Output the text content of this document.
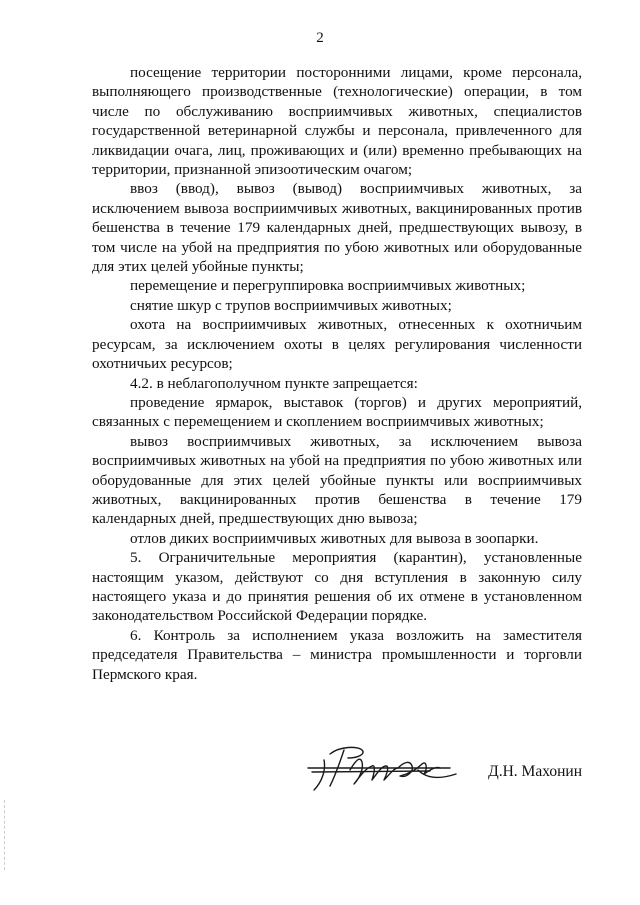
2

посещение территории посторонними лицами, кроме персонала, выполняющего производственные (технологические) операции, в том числе по обслуживанию восприимчивых животных, специалистов государственной ветеринарной службы и персонала, привлеченного для ликвидации очага, лиц, проживающих и (или) временно пребывающих на территории, признанной эпизоотическим очагом;

ввоз (ввод), вывоз (вывод) восприимчивых животных, за исключением вывоза восприимчивых животных, вакцинированных против бешенства в течение 179 календарных дней, предшествующих вывозу, в том числе на убой на предприятия по убою животных или оборудованные для этих целей убойные пункты;

перемещение и перегруппировка восприимчивых животных;

снятие шкур с трупов восприимчивых животных;

охота на восприимчивых животных, отнесенных к охотничьим ресурсам, за исключением охоты в целях регулирования численности охотничьих ресурсов;

4.2. в неблагополучном пункте запрещается:

проведение ярмарок, выставок (торгов) и других мероприятий, связанных с перемещением и скоплением восприимчивых животных;

вывоз восприимчивых животных, за исключением вывоза восприимчивых животных на убой на предприятия по убою животных или оборудованные для этих целей убойные пункты или восприимчивых животных, вакцинированных против бешенства в течение 179 календарных дней, предшествующих дню вывоза;

отлов диких восприимчивых животных для вывоза в зоопарки.

5. Ограничительные мероприятия (карантин), установленные настоящим указом, действуют со дня вступления в законную силу настоящего указа и до принятия решения об их отмене в установленном законодательством Российской Федерации порядке.

6. Контроль за исполнением указа возложить на заместителя председателя Правительства – министра промышленности и торговли Пермского края.

Д.Н. Махонин
